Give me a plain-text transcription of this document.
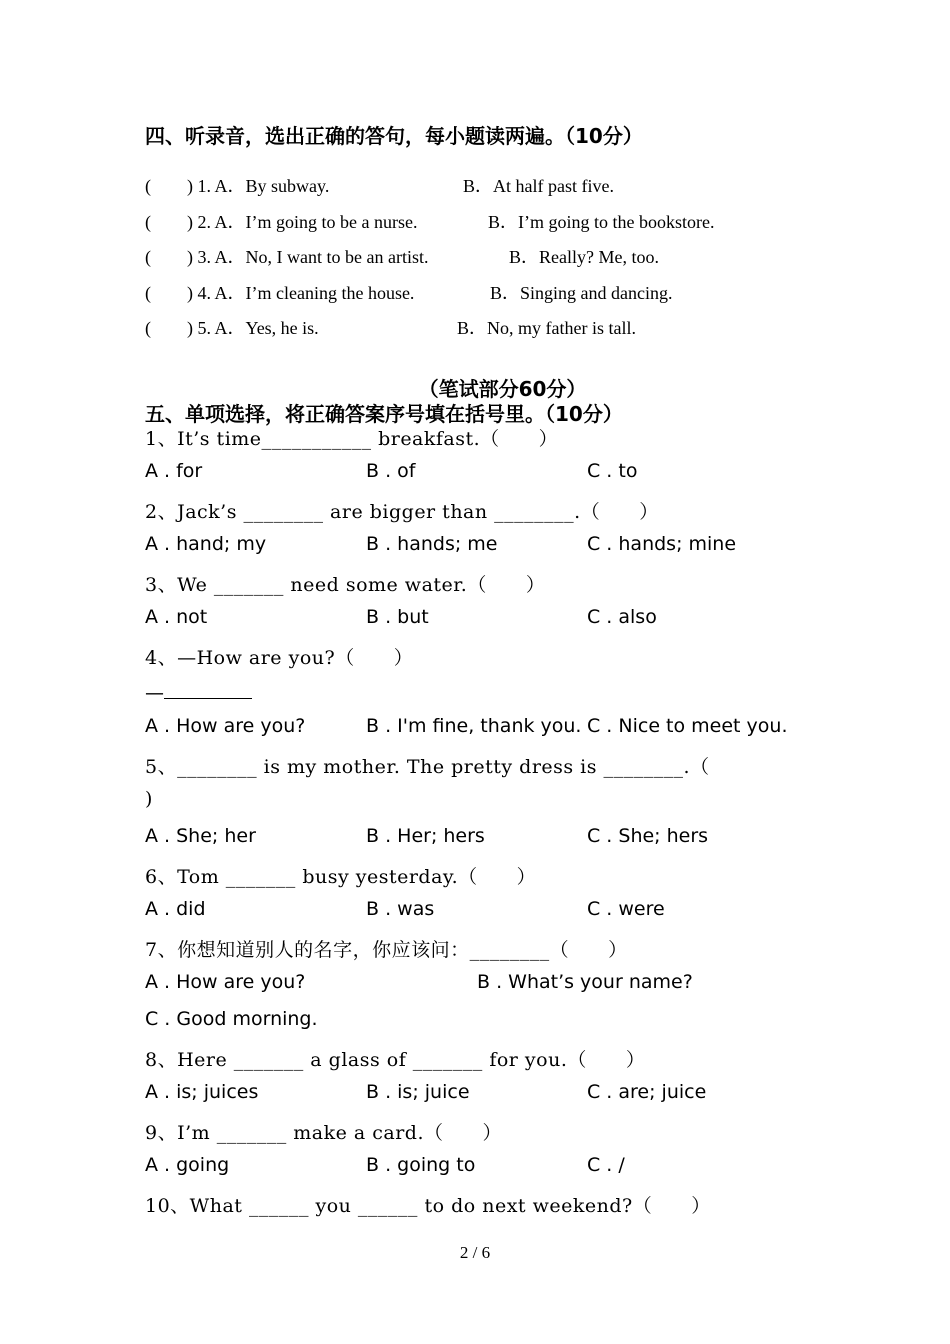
四、听录音，选出正确的答句，每小题读两遍。（10分）
(　　) 1. A．By subway.	B．At half past five.
(　　) 2. A．I’m going to be a nurse.	B．I’m going to the bookstore.
(　　) 3. A．No, I want to be an artist.	B．Really? Me, too.
(　　) 4. A．I’m cleaning the house.	B．Singing and dancing.
(　　) 5. A．Yes, he is.	B．No, my father is tall.
（笔试部分60分）
五、单项选择，将正确答案序号填在括号里。（10分）
1、It’s time___________ breakfast.（　　）
A . for	B . of	C . to
2、Jack’s ________ are bigger than ________.（　　）
A . hand; my	B . hands; me	C . hands; mine
3、We _______ need some water.（　　）
A . not	B . but	C . also
4、—How are you?（　　）
—
A . How are you?	B . I'm fine, thank you. C . Nice to meet you.
5、________ is my mother. The pretty dress is ________.（
)
A . She; her	B . Her; hers	C . She; hers
6、Tom _______ busy yesterday.（　　）
A . did	B . was	C . were
7、你想知道别人的名字，你应该问：________（　　）
A . How are you?	B . What’s your name?
C . Good morning.
8、Here _______ a glass of _______ for you.（　　）
A . is; juices	B . is; juice	C . are; juice
9、I’m _______ make a card.（　　）
A . going	B . going to	C . /
10、What ______ you ______ to do next weekend?（　　）
2 / 6
